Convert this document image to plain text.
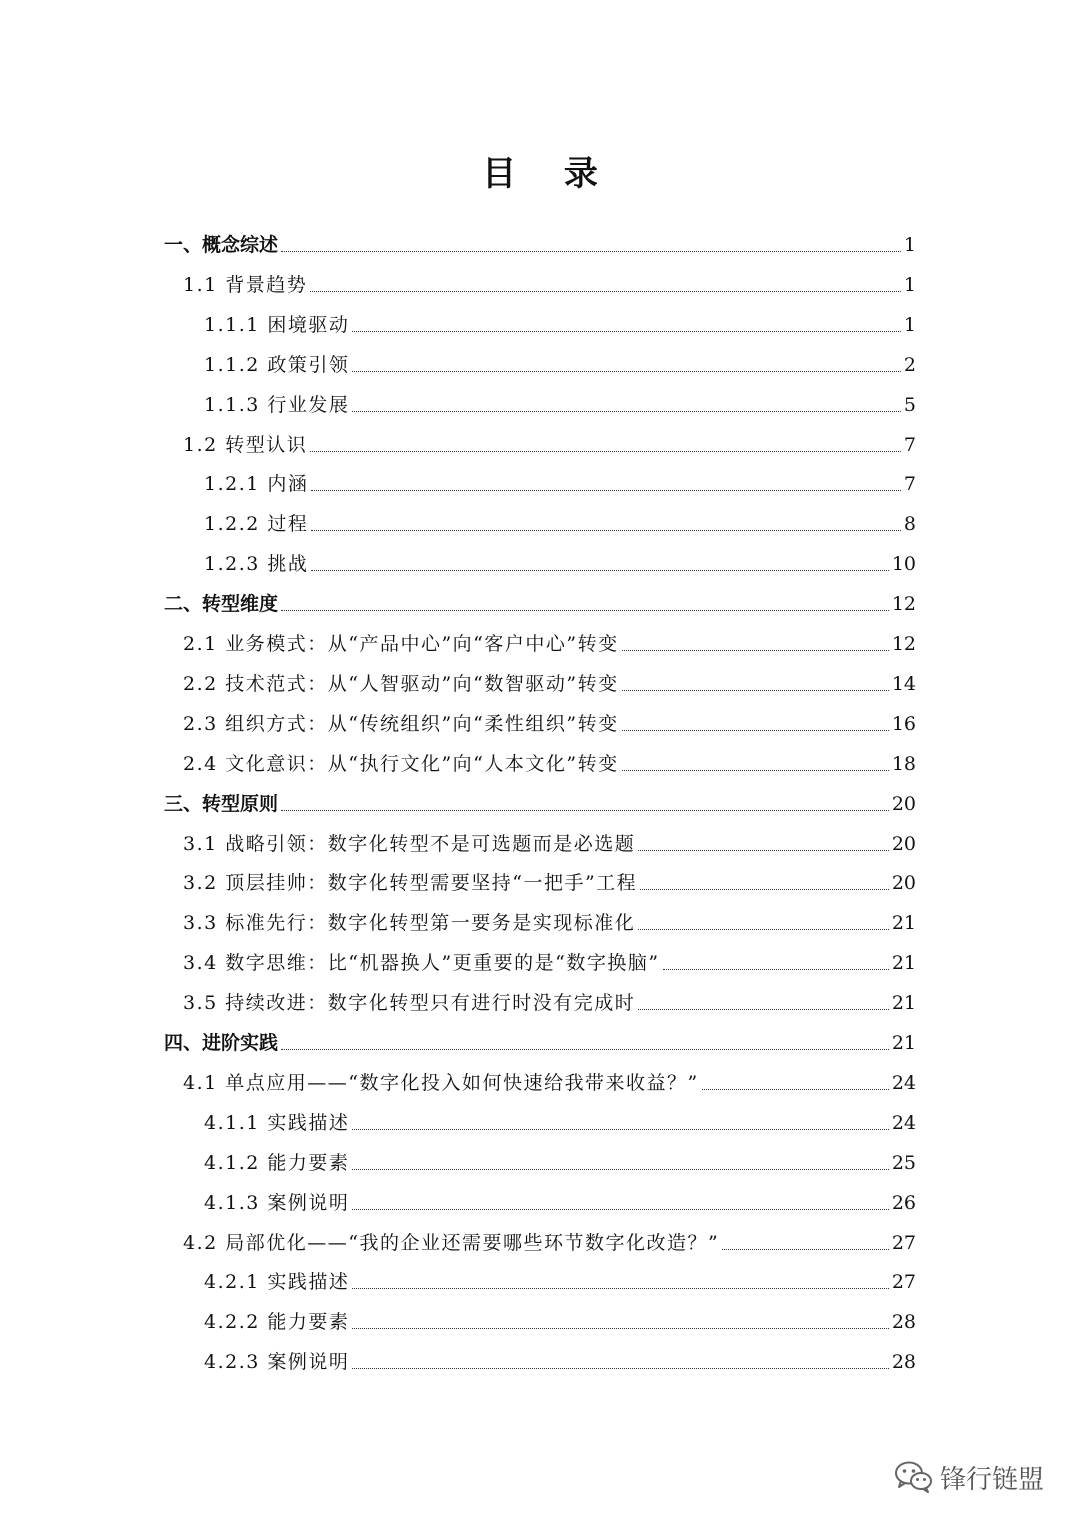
目 录
一、概念综述	1
1.1 背景趋势	1
1.1.1 困境驱动	1
1.1.2 政策引领	2
1.1.3 行业发展	5
1.2 转型认识	7
1.2.1 内涵	7
1.2.2 过程	8
1.2.3 挑战	10
二、转型维度	12
2.1 业务模式：从“产品中心”向“客户中心”转变	12
2.2 技术范式：从“人智驱动”向“数智驱动”转变	14
2.3 组织方式：从“传统组织”向“柔性组织”转变	16
2.4 文化意识：从“执行文化”向“人本文化”转变	18
三、转型原则	20
3.1 战略引领：数字化转型不是可选题而是必选题	20
3.2 顶层挂帅：数字化转型需要坚持“一把手”工程	20
3.3 标准先行：数字化转型第一要务是实现标准化	21
3.4 数字思维：比“机器换人”更重要的是“数字换脑”	21
3.5 持续改进：数字化转型只有进行时没有完成时	21
四、进阶实践	21
4.1 单点应用——“数字化投入如何快速给我带来收益？”	24
4.1.1 实践描述	24
4.1.2 能力要素	25
4.1.3 案例说明	26
4.2 局部优化——“我的企业还需要哪些环节数字化改造？”	27
4.2.1 实践描述	27
4.2.2 能力要素	28
4.2.3 案例说明	28
锋行链盟
